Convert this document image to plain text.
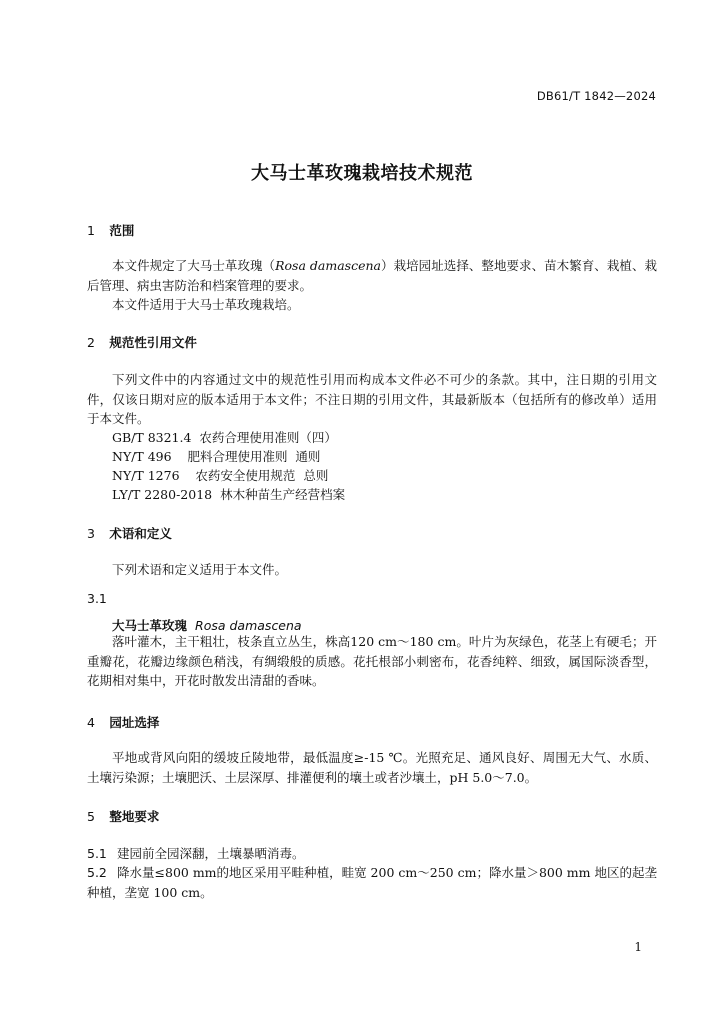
DB61/T 1842—2024
大马士革玫瑰栽培技术规范
1 范围
本文件规定了大马士革玫瑰（Rosa damascena）栽培园址选择、整地要求、苗木繁育、栽植、栽后管理、病虫害防治和档案管理的要求。
本文件适用于大马士革玫瑰栽培。
2 规范性引用文件
下列文件中的内容通过文中的规范性引用而构成本文件必不可少的条款。其中，注日期的引用文件，仅该日期对应的版本适用于本文件；不注日期的引用文件，其最新版本（包括所有的修改单）适用于本文件。
GB/T 8321.4  农药合理使用准则（四）
NY/T 496    肥料合理使用准则  通则
NY/T 1276    农药安全使用规范  总则
LY/T 2280-2018  林木种苗生产经营档案
3 术语和定义
下列术语和定义适用于本文件。
3.1
大马士革玫瑰 Rosa damascena
落叶灌木，主干粗壮，枝条直立丛生，株高120 cm～180 cm。叶片为灰绿色，花茎上有硬毛；开重瓣花，花瓣边缘颜色稍浅，有绸缎般的质感。花托根部小刺密布，花香纯粹、细致，属国际淡香型，花期相对集中，开花时散发出清甜的香味。
4 园址选择
平地或背风向阳的缓坡丘陵地带，最低温度≥-15 ℃。光照充足、通风良好、周围无大气、水质、土壤污染源；土壤肥沃、土层深厚、排灌便利的壤土或者沙壤土，pH 5.0～7.0。
5 整地要求
5.1 建园前全园深翻，土壤暴晒消毒。
5.2 降水量≤800 mm的地区采用平畦种植，畦宽 200 cm～250 cm；降水量＞800 mm 地区的起垄种植，垄宽 100 cm。
1
